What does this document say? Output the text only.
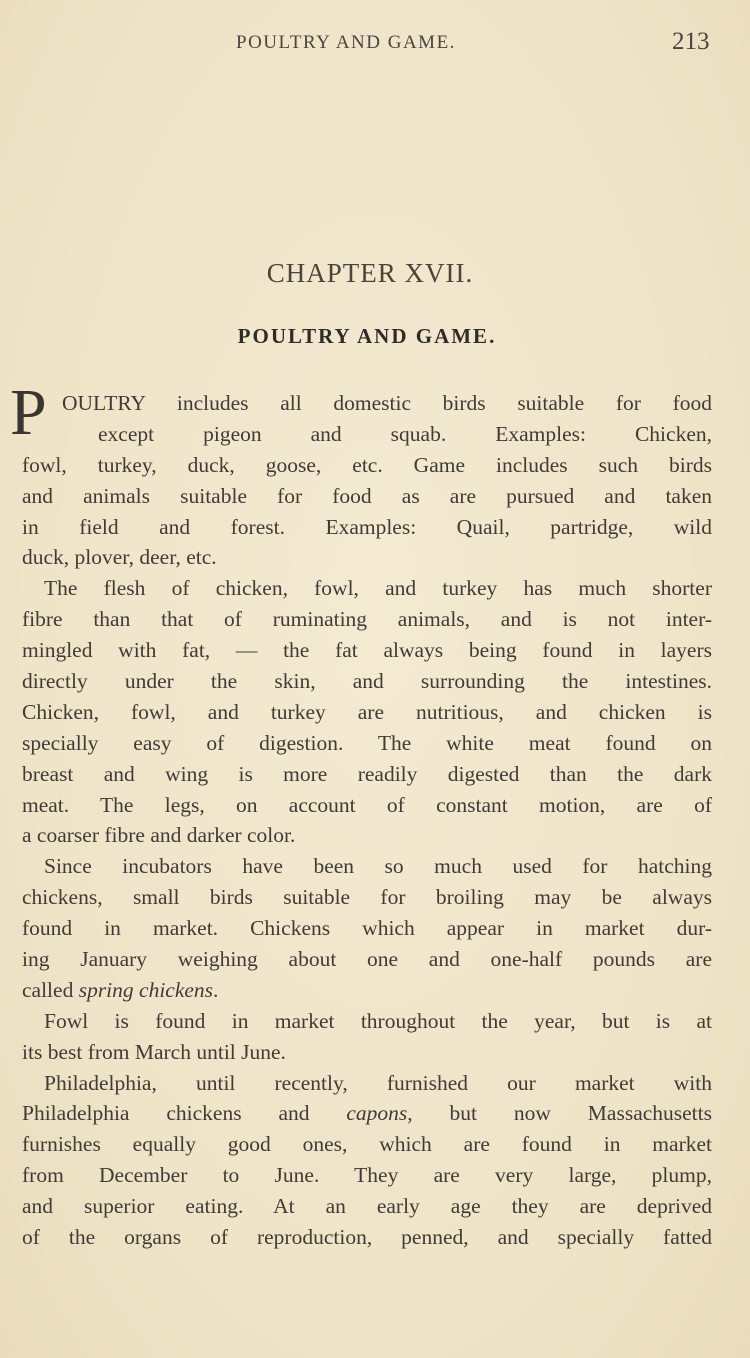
POULTRY AND GAME.	213
CHAPTER XVII.
POULTRY AND GAME.
P OULTRY includes all domestic birds suitable for food
except pigeon and squab. Examples: Chicken,
fowl, turkey, duck, goose, etc. Game includes such birds
and animals suitable for food as are pursued and taken
in field and forest. Examples: Quail, partridge, wild
duck, plover, deer, etc.
The flesh of chicken, fowl, and turkey has much shorter
fibre than that of ruminating animals, and is not inter-
mingled with fat, — the fat always being found in layers
directly under the skin, and surrounding the intestines.
Chicken, fowl, and turkey are nutritious, and chicken is
specially easy of digestion. The white meat found on
breast and wing is more readily digested than the dark
meat. The legs, on account of constant motion, are of
a coarser fibre and darker color.
Since incubators have been so much used for hatching
chickens, small birds suitable for broiling may be always
found in market. Chickens which appear in market dur-
ing January weighing about one and one-half pounds are
called spring chickens.
Fowl is found in market throughout the year, but is at
its best from March until June.
Philadelphia, until recently, furnished our market with
Philadelphia chickens and capons, but now Massachusetts
furnishes equally good ones, which are found in market
from December to June. They are very large, plump,
and superior eating. At an early age they are deprived
of the organs of reproduction, penned, and specially fatted
